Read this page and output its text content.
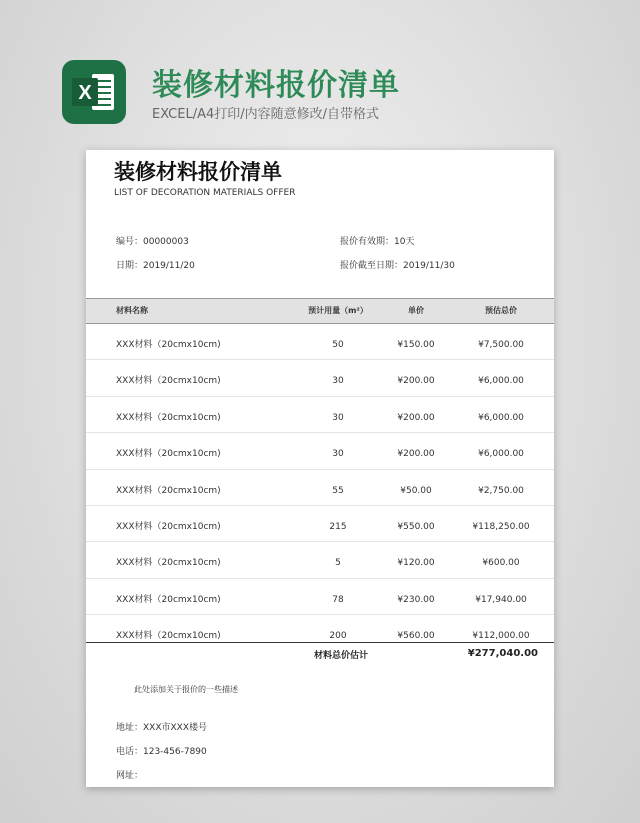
X 装修材料报价清单
EXCEL/A4打印/内容随意修改/自带格式
装修材料报价清单
LIST OF DECORATION MATERIALS OFFER
编号：00000003
日期：2019/11/20
报价有效期：10天
报价截至日期：2019/11/30
材料名称	预计用量（m²）	单价	预估总价
XXX材料（20cmx10cm)	50	¥150.00	¥7,500.00
XXX材料（20cmx10cm)	30	¥200.00	¥6,000.00
XXX材料（20cmx10cm)	30	¥200.00	¥6,000.00
XXX材料（20cmx10cm)	30	¥200.00	¥6,000.00
XXX材料（20cmx10cm)	55	¥50.00	¥2,750.00
XXX材料（20cmx10cm)	215	¥550.00	¥118,250.00
XXX材料（20cmx10cm)	5	¥120.00	¥600.00
XXX材料（20cmx10cm)	78	¥230.00	¥17,940.00
XXX材料（20cmx10cm)	200	¥560.00	¥112,000.00
材料总价估计	¥277,040.00
此处添加关于报价的一些描述
地址：XXX市XXX楼号
电话：123-456-7890
网址：
